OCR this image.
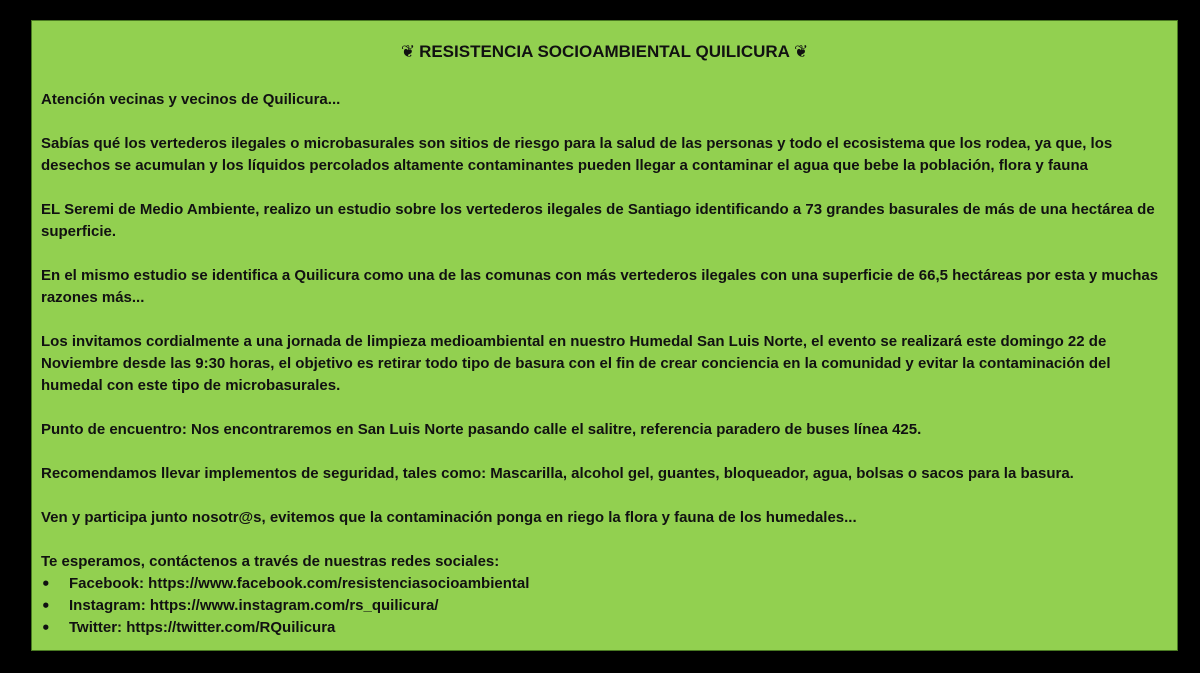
❦ RESISTENCIA SOCIOAMBIENTAL QUILICURA ❦

Atención vecinas y vecinos de Quilicura...

Sabías qué los vertederos ilegales o microbasurales son sitios de riesgo para la salud de las personas y todo el ecosistema que los rodea, ya que, los desechos se acumulan y los líquidos percolados altamente contaminantes pueden llegar a contaminar el agua que bebe la población, flora y fauna

EL Seremi de Medio Ambiente, realizo un estudio sobre los vertederos ilegales de Santiago identificando a 73 grandes basurales de más de una hectárea de superficie.

En el mismo estudio se identifica a Quilicura como una de las comunas con más vertederos ilegales con una superficie de 66,5 hectáreas por esta y muchas razones más...

Los invitamos cordialmente a una jornada de limpieza medioambiental en nuestro Humedal San Luis Norte, el evento se realizará este domingo 22 de Noviembre desde las 9:30 horas, el objetivo es retirar todo tipo de basura con el fin de crear conciencia en la comunidad y evitar la contaminación del humedal con este tipo de microbasurales.

Punto de encuentro: Nos encontraremos en San Luis Norte pasando calle el salitre, referencia paradero de buses línea 425.

Recomendamos llevar implementos de seguridad, tales como: Mascarilla, alcohol gel, guantes, bloqueador, agua, bolsas o sacos para la basura.

Ven y participa junto nosotr@s, evitemos que la contaminación ponga en riego la flora y fauna de los humedales...

Te esperamos, contáctenos a través de nuestras redes sociales:

• Facebook: https://www.facebook.com/resistenciasocioambiental
• Instagram: https://www.instagram.com/rs_quilicura/
• Twitter: https://twitter.com/RQuilicura
